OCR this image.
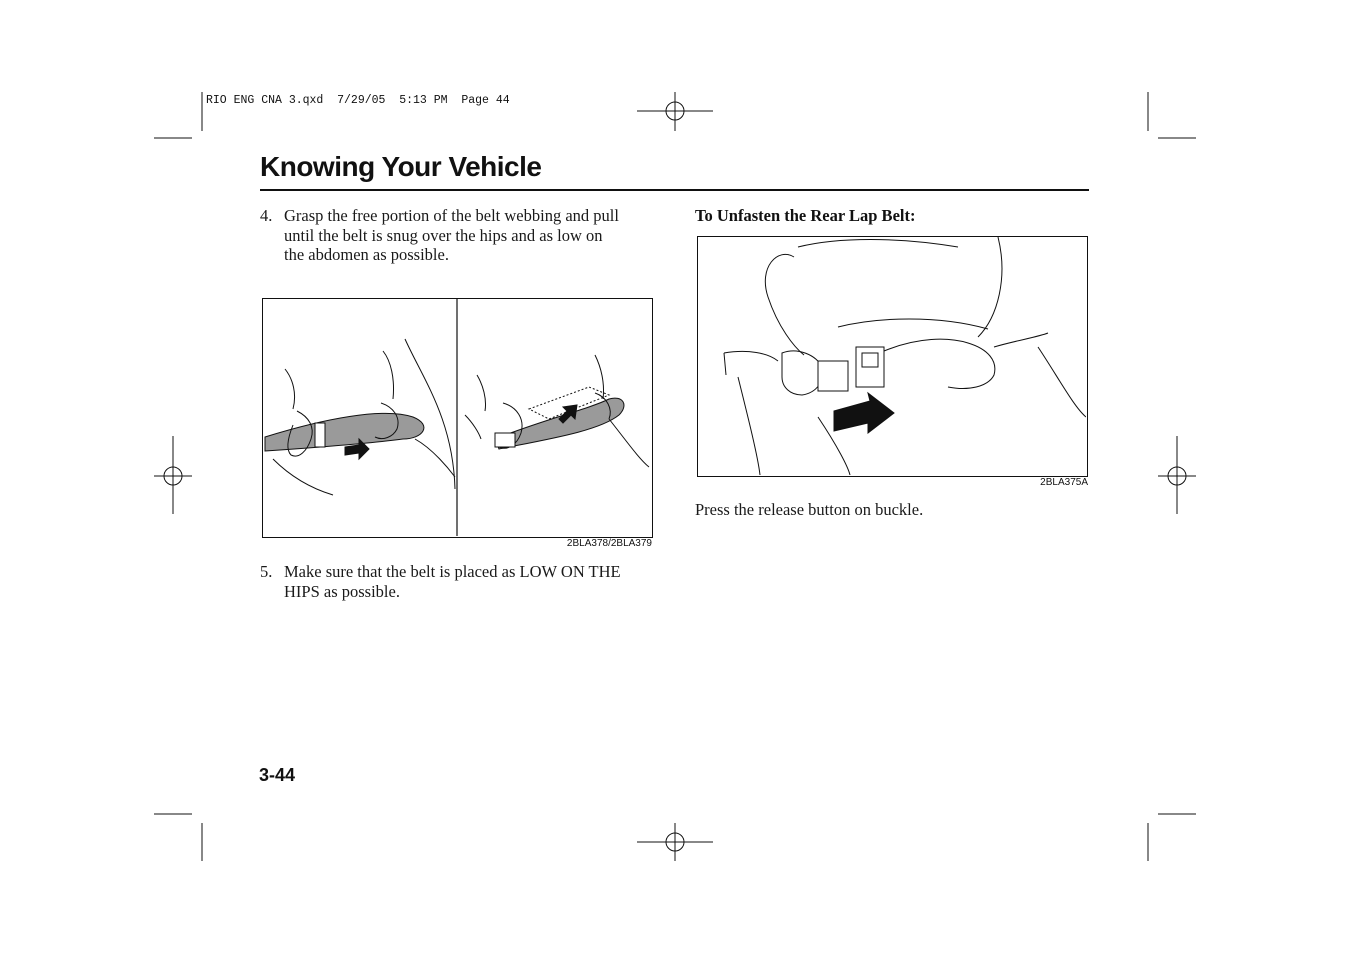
RIO ENG CNA 3.qxd  7/29/05  5:13 PM  Page 44
Knowing Your Vehicle
4. Grasp the free portion of the belt webbing and pull
until the belt is snug over the hips and as low on
the abdomen as possible.
2BLA378/2BLA379
5. Make sure that the belt is placed as LOW ON THE
HIPS as possible.
To Unfasten the Rear Lap Belt:
2BLA375A
Press the release button on buckle.
3-44
